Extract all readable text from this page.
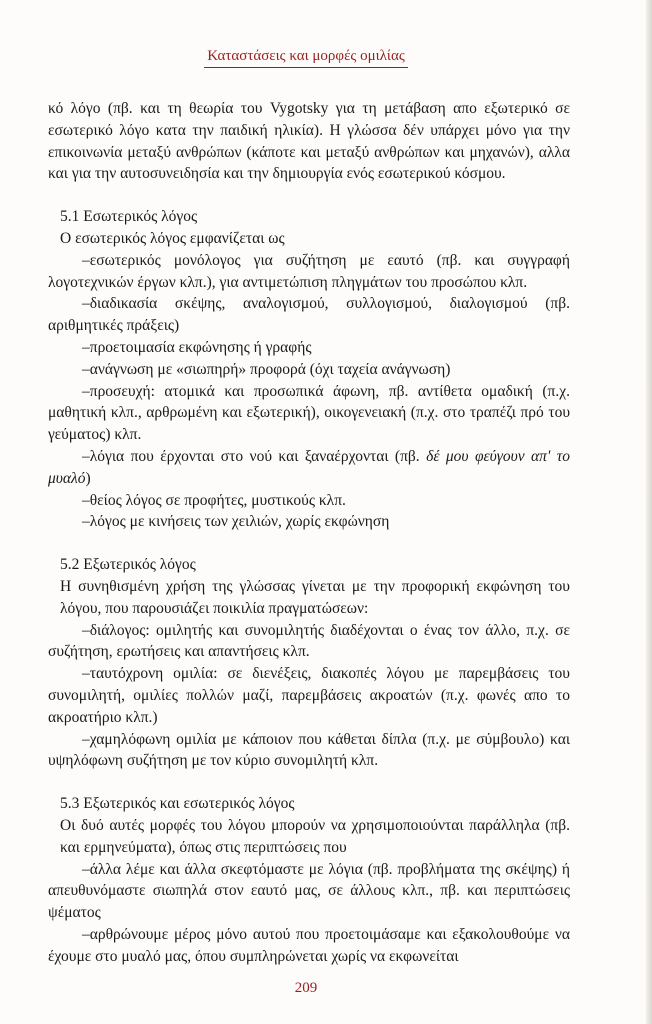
Καταστάσεις και μορφές ομιλίας

κό λόγο (πβ. και τη θεωρία του Vygotsky για τη μετάβαση απο εξωτερικό σε εσωτερικό λόγο κατα την παιδική ηλικία). Η γλώσσα δέν υπάρχει μόνο για την επικοινωνία μεταξύ ανθρώπων (κάποτε και μεταξύ ανθρώπων και μηχανών), αλλα και για την αυτοσυνειδησία και την δημιουργία ενός εσωτερικού κόσμου.

5.1 Εσωτερικός λόγος

Ο εσωτερικός λόγος εμφανίζεται ως

–εσωτερικός μονόλογος για συζήτηση με εαυτό (πβ. και συγγραφή λογοτεχνικών έργων κλπ.), για αντιμετώπιση πληγμάτων του προσώπου κλπ.

–διαδικασία σκέψης, αναλογισμού, συλλογισμού, διαλογισμού (πβ. αριθμητικές πράξεις)

–προετοιμασία εκφώνησης ή γραφής

–ανάγνωση με «σιωπηρή» προφορά (όχι ταχεία ανάγνωση)

–προσευχή: ατομικά και προσωπικά άφωνη, πβ. αντίθετα ομαδική (π.χ. μαθητική κλπ., αρθρωμένη και εξωτερική), οικογενειακή (π.χ. στο τραπέζι πρό του γεύματος) κλπ.

–λόγια που έρχονται στο νού και ξαναέρχονται (πβ. δέ μου φεύγουν απ' το μυαλό)

–θείος λόγος σε προφήτες, μυστικούς κλπ.

–λόγος με κινήσεις των χειλιών, χωρίς εκφώνηση

5.2 Εξωτερικός λόγος

Η συνηθισμένη χρήση της γλώσσας γίνεται με την προφορική εκφώνηση του λόγου, που παρουσιάζει ποικιλία πραγματώσεων:

–διάλογος: ομιλητής και συνομιλητής διαδέχονται ο ένας τον άλλο, π.χ. σε συζήτηση, ερωτήσεις και απαντήσεις κλπ.

–ταυτόχρονη ομιλία: σε διενέξεις, διακοπές λόγου με παρεμβάσεις του συνομιλητή, ομιλίες πολλών μαζί, παρεμβάσεις ακροατών (π.χ. φωνές απο το ακροατήριο κλπ.)

–χαμηλόφωνη ομιλία με κάποιον που κάθεται δίπλα (π.χ. με σύμβουλο) και υψηλόφωνη συζήτηση με τον κύριο συνομιλητή κλπ.

5.3 Εξωτερικός και εσωτερικός λόγος

Οι δυό αυτές μορφές του λόγου μπορούν να χρησιμοποιούνται παράλληλα (πβ. και ερμηνεύματα), όπως στις περιπτώσεις που

–άλλα λέμε και άλλα σκεφτόμαστε με λόγια (πβ. προβλήματα της σκέψης) ή απευθυνόμαστε σιωπηλά στον εαυτό μας, σε άλλους κλπ., πβ. και περιπτώσεις ψέματος

–αρθρώνουμε μέρος μόνο αυτού που προετοιμάσαμε και εξακολουθούμε να έχουμε στο μυαλό μας, όπου συμπληρώνεται χωρίς να εκφωνείται

209
